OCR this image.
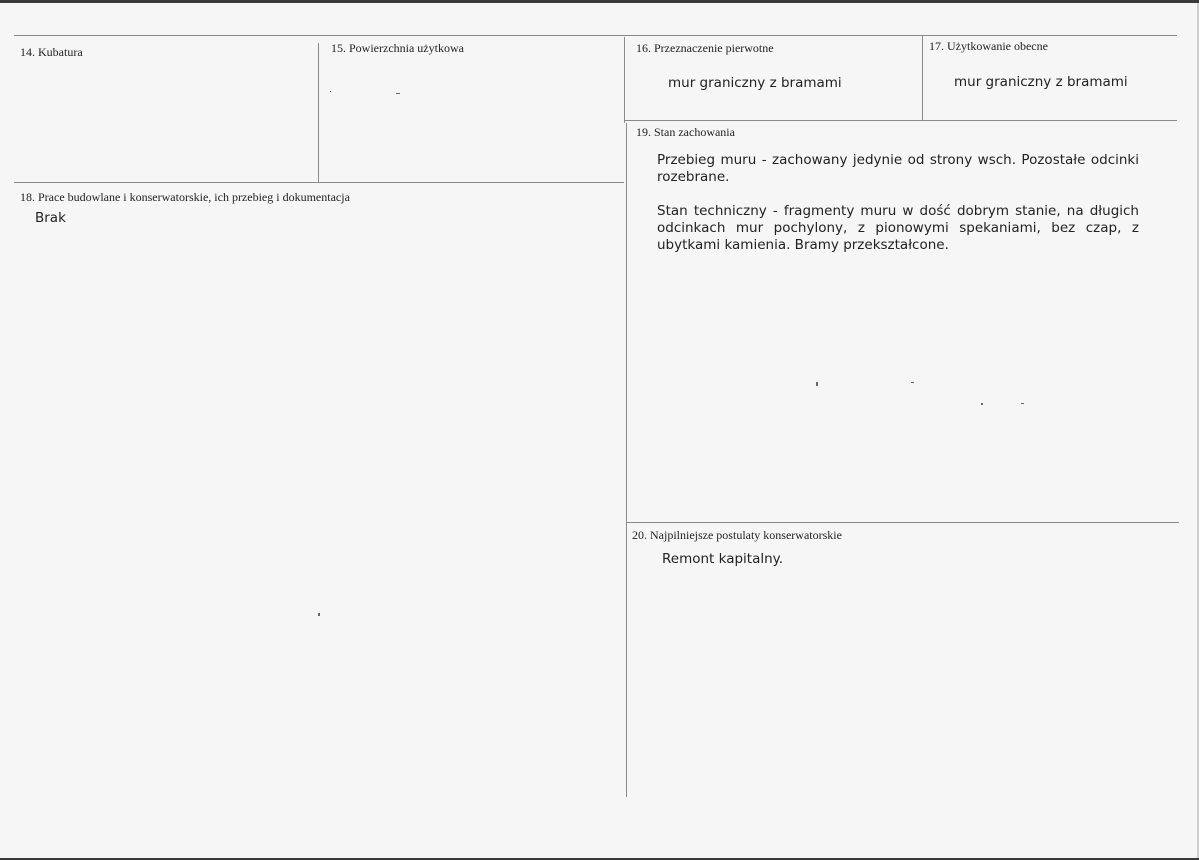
14. Kubatura	15. Powierzchnia użytkowa	16. Przeznaczenie pierwotne
mur graniczny z bramami
17. Użytkowanie obecne
mur graniczny z bramami
18. Prace budowlane i konserwatorskie, ich przebieg i dokumentacja
Brak
19. Stan zachowania

Przebieg muru - zachowany jedynie od strony wsch. Pozostałe odcinki rozebrane.

Stan techniczny - fragmenty muru w dość dobrym stanie, na długich odcinkach mur pochylony, z pionowymi spekaniami, bez czap, z ubytkami kamienia. Bramy przekształcone.

20. Najpilniejsze postulaty konserwatorskie
Remont kapitalny.
